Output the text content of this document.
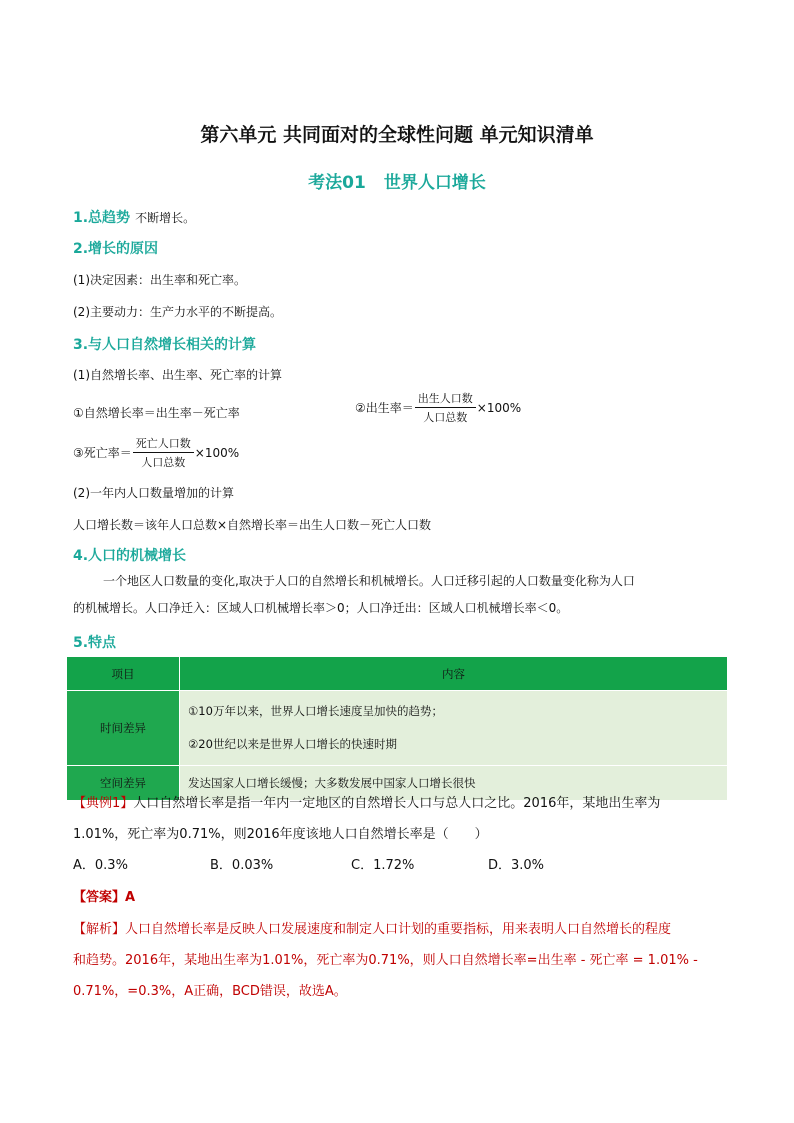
第六单元 共同面对的全球性问题 单元知识清单
考法01 世界人口增长
1.总趋势 不断增长。
2.增长的原因
(1)决定因素：出生率和死亡率。
(2)主要动力：生产力水平的不断提高。
3.与人口自然增长相关的计算
(1)自然增长率、出生率、死亡率的计算
①自然增长率＝出生率－死亡率	②出生率＝ $\frac{\text{出生人口数}}{\text{人口总数}} \times 100\%$
③死亡率＝ $\frac{\text{死亡人口数}}{\text{人口总数}} \times 100\%$
(2)一年内人口数量增加的计算
人口增长数＝该年人口总数×自然增长率＝出生人口数－死亡人口数
4.人口的机械增长
一个地区人口数量的变化,取决于人口的自然增长和机械增长。人口迁移引起的人口数量变化称为人口
的机械增长。人口净迁入：区域人口机械增长率＞0；人口净迁出：区域人口机械增长率＜0。
5.特点
项目	内容
时间差异	①10万年以来，世界人口增长速度呈加快的趋势；
②20世纪以来是世界人口增长的快速时期

空间差异	发达国家人口增长缓慢；大多数发展中国家人口增长很快
【典例1】人口自然增长率是指一年内一定地区的自然增长人口与总人口之比。2016年，某地出生率为
1.01%，死亡率为0.71%，则2016年度该地人口自然增长率是（　　）
A．0.3%	B．0.03%	C．1.72%	D．3.0%
【答案】A
【解析】人口自然增长率是反映人口发展速度和制定人口计划的重要指标，用来表明人口自然增长的程度
和趋势。2016年，某地出生率为1.01%，死亡率为0.71%，则人口自然增长率=出生率 - 死亡率 = 1.01% -
0.71%，=0.3%，A正确，BCD错误，故选A。
